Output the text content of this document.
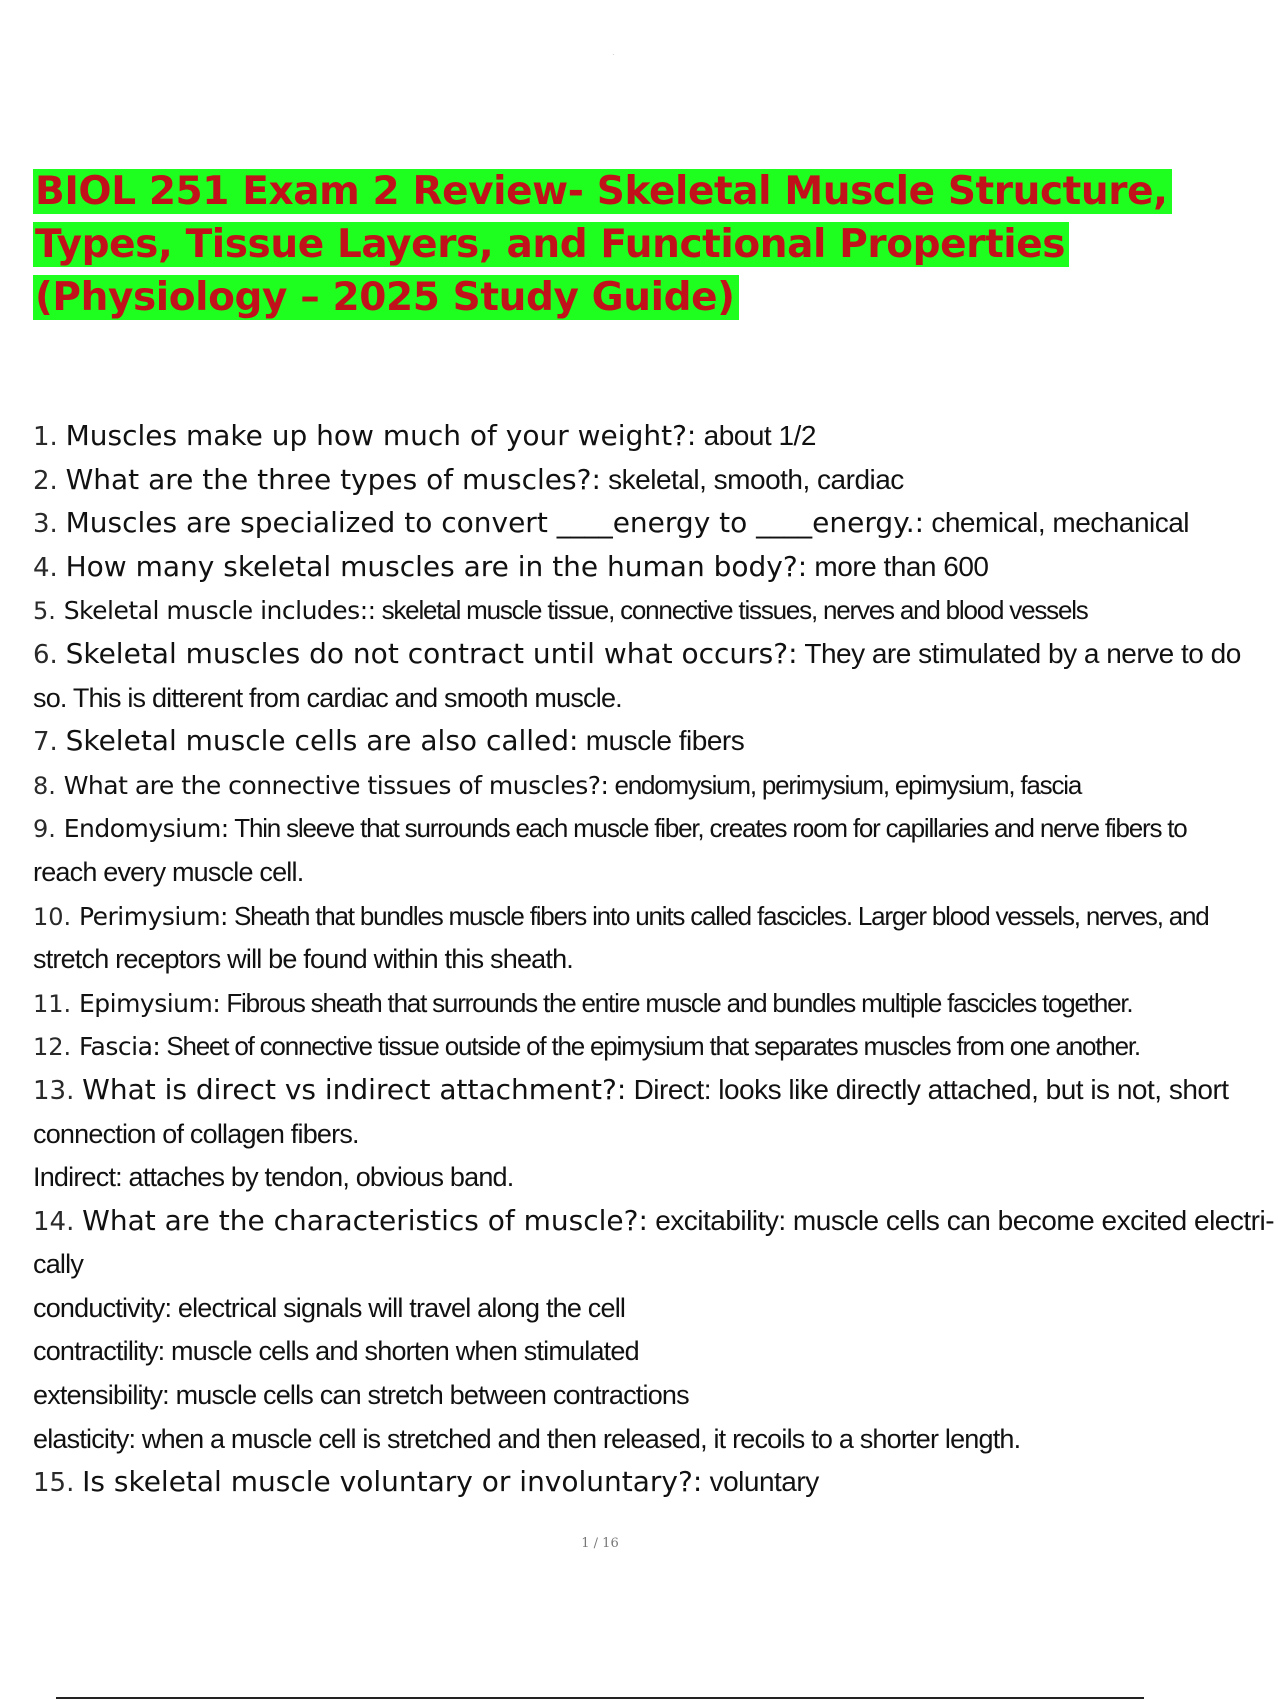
·
BIOL 251 Exam 2 Review- Skeletal Muscle Structure,
Types, Tissue Layers, and Functional Properties
(Physiology – 2025 Study Guide)
1. Muscles make up how much of your weight?: about 1/2
2. What are the three types of muscles?: skeletal, smooth, cardiac
3. Muscles are specialized to convert ____energy to ____energy.: chemical, mechanical
4. How many skeletal muscles are in the human body?: more than 600
5. Skeletal muscle includes:: skeletal muscle tissue, connective tissues, nerves and blood vessels
6. Skeletal muscles do not contract until what occurs?: They are stimulated by a nerve to do
so. This is ditterent from cardiac and smooth muscle.
7. Skeletal muscle cells are also called: muscle fibers
8. What are the connective tissues of muscles?: endomysium, perimysium, epimysium, fascia
9. Endomysium: Thin sleeve that surrounds each muscle fiber, creates room for capillaries and nerve fibers to
reach every muscle cell.
10. Perimysium: Sheath that bundles muscle fibers into units called fascicles. Larger blood vessels, nerves, and
stretch receptors will be found within this sheath.
11. Epimysium: Fibrous sheath that surrounds the entire muscle and bundles multiple fascicles together.
12. Fascia: Sheet of connective tissue outside of the epimysium that separates muscles from one another.
13. What is direct vs indirect attachment?: Direct: looks like directly attached, but is not, short
connection of collagen fibers.
Indirect: attaches by tendon, obvious band.
14. What are the characteristics of muscle?: excitability: muscle cells can become excited electri-
cally
conductivity: electrical signals will travel along the cell
contractility: muscle cells and shorten when stimulated
extensibility: muscle cells can stretch between contractions
elasticity: when a muscle cell is stretched and then released, it recoils to a shorter length.
15. Is skeletal muscle voluntary or involuntary?: voluntary
1 / 16
